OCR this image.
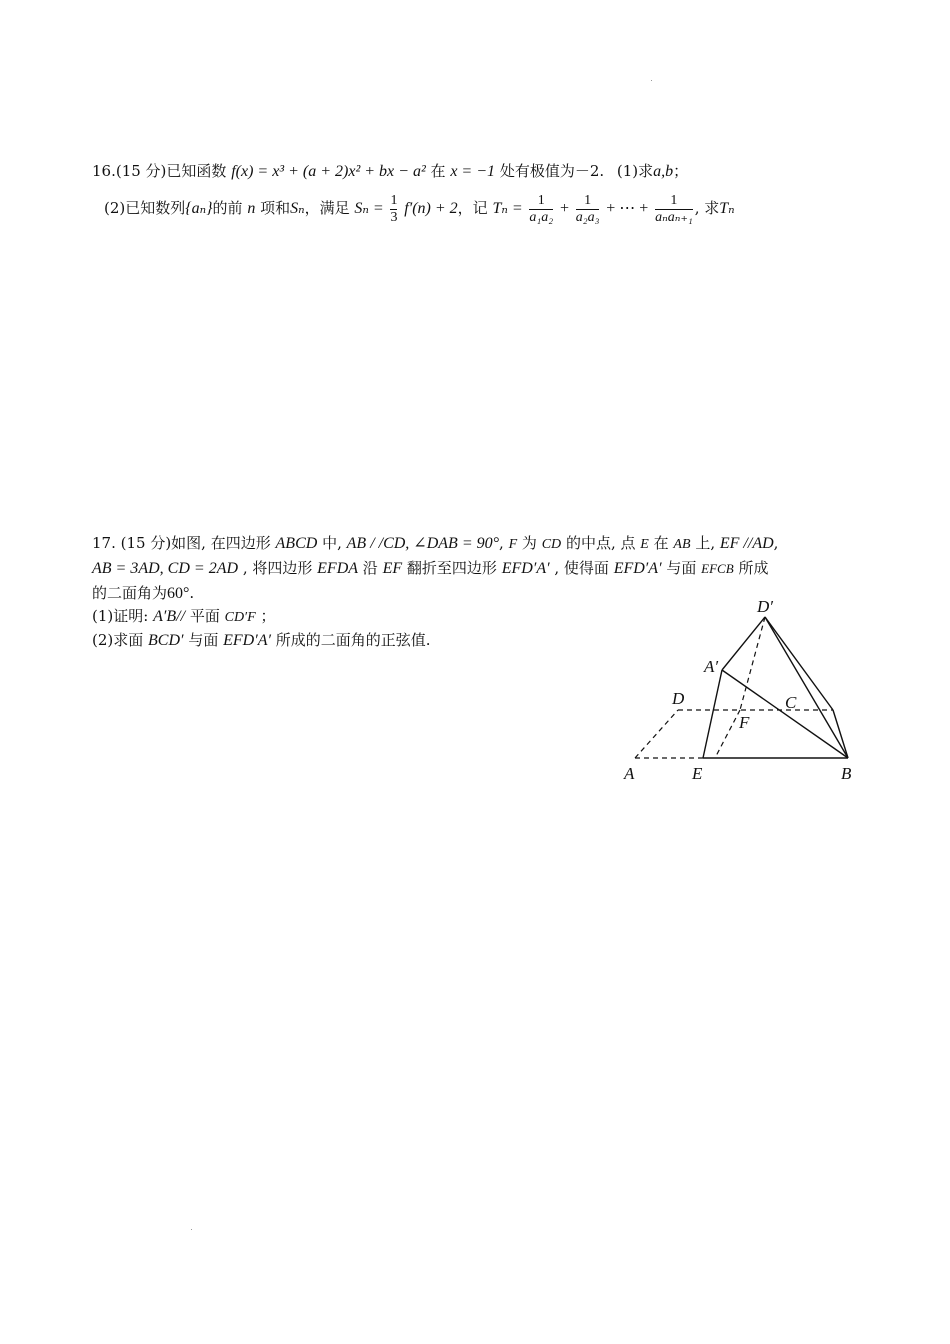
16.(15 分)已知函数 f(x) = x³ + (a + 2)x² + bx − a² 在 x = −1 处有极值为－2. (1)求a,b；
(2)已知数列{aₙ}的前 n 项和Sₙ，满足 $S_n = \frac{1}{3} f'(n) + 2$，记 $T_n = \frac{1}{\text{a₁a₂}} + \frac{1}{\text{a₂a₃}}$ + ⋯ + $\frac{1}{\text{aₙaₙ₊₁}}$ , 求Tₙ
17. (15 分)如图, 在四边形 ABCD 中, AB / /CD, ∠DAB = 90°, F 为 CD 的中点, 点 E 在 AB 上, EF //AD,
AB = 3AD, CD = 2AD , 将四边形 EFDA 沿 EF 翻折至四边形 EFD′A′ , 使得面 EFD′A′ 与面 EFCB 所成
的二面角为60°.
(1)证明: A′B// 平面 CD′F ；
(2)求面 BCD′ 与面 EFD′A′ 所成的二面角的正弦值.
D′
A′
D	C
F
A	E	B
